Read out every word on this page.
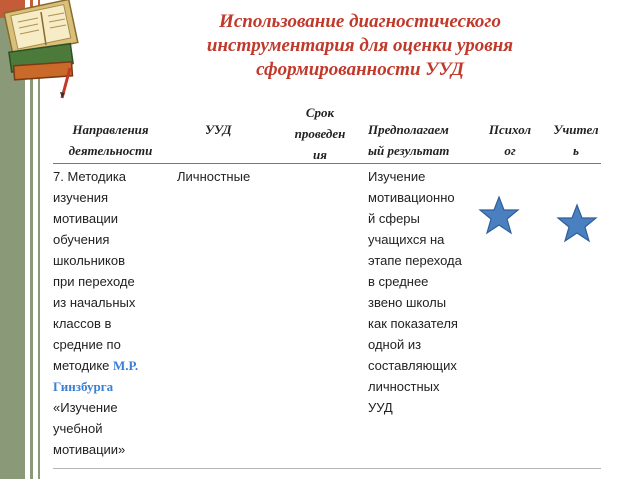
Использование диагностического
инструментария для оценки уровня
сформированности УУД
Направления
деятельности
УУД
Срок
проведен
ия
Предполагаем
ый результат
Психол
ог
Учител
ь
7. Методика
изучения
мотивации
обучения
школьников
при переходе
из начальных
классов в
средние по
методике М.Р.
Гинзбурга
«Изучение
учебной
мотивации»
Личностные	Изучение
мотивационно
й сферы
учащихся на
этапе перехода
в среднее
звено школы
как показателя
одной из
составляющих
личностных
УУД
